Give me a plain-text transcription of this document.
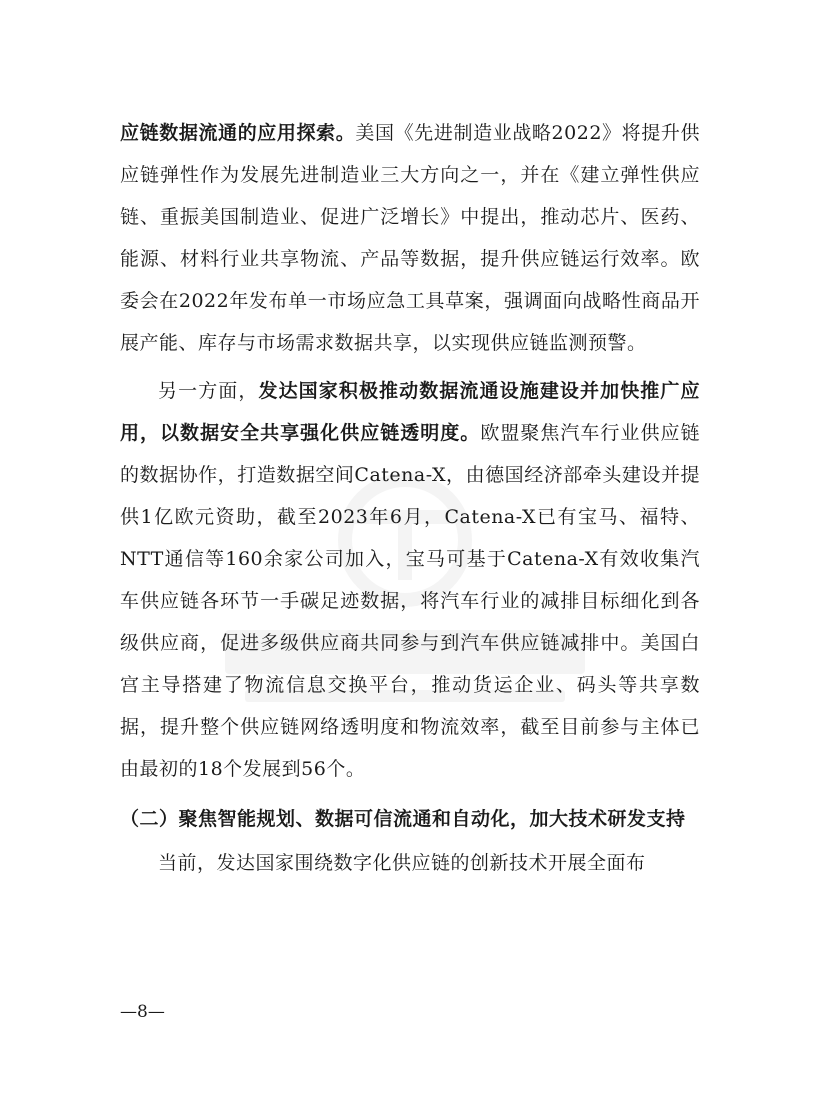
应链数据流通的应用探索。美国《先进制造业战略2022》将提升供应链弹性作为发展先进制造业三大方向之一，并在《建立弹性供应链、重振美国制造业、促进广泛增长》中提出，推动芯片、医药、能源、材料行业共享物流、产品等数据，提升供应链运行效率。欧委会在2022年发布单一市场应急工具草案，强调面向战略性商品开展产能、库存与市场需求数据共享，以实现供应链监测预警。

另一方面，发达国家积极推动数据流通设施建设并加快推广应用，以数据安全共享强化供应链透明度。欧盟聚焦汽车行业供应链的数据协作，打造数据空间Catena-X，由德国经济部牵头建设并提供1亿欧元资助，截至2023年6月，Catena-X已有宝马、福特、NTT通信等160余家公司加入，宝马可基于Catena-X有效收集汽车供应链各环节一手碳足迹数据，将汽车行业的减排目标细化到各级供应商，促进多级供应商共同参与到汽车供应链减排中。美国白宫主导搭建了物流信息交换平台，推动货运企业、码头等共享数据，提升整个供应链网络透明度和物流效率，截至目前参与主体已由最初的18个发展到56个。

（二）聚焦智能规划、数据可信流通和自动化，加大技术研发支持

当前，发达国家围绕数字化供应链的创新技术开展全面布

—8—
